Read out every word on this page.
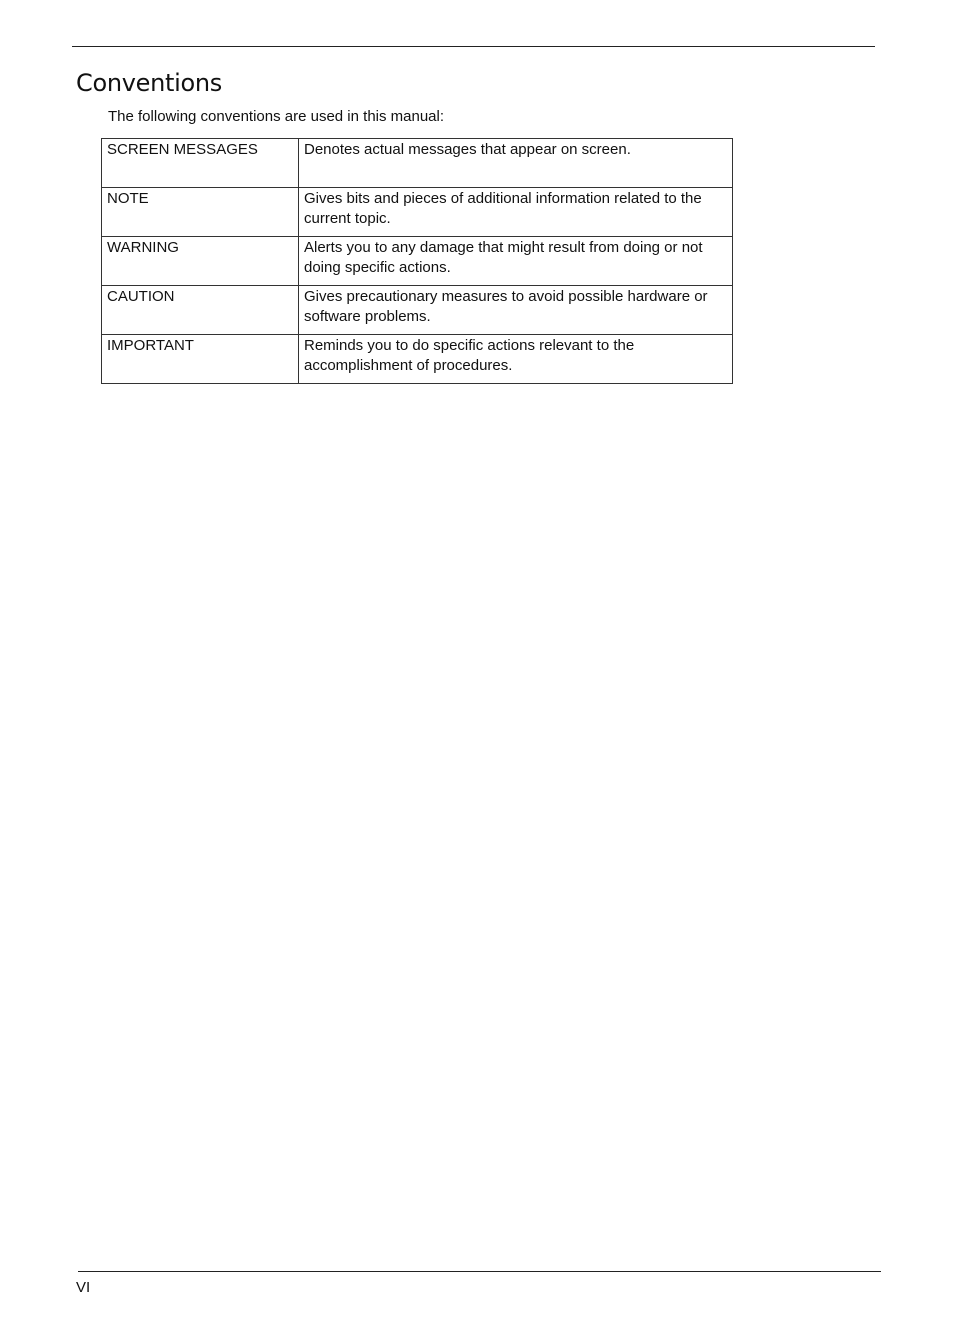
Conventions

The following conventions are used in this manual:

SCREEN MESSAGES	Denotes actual messages that appear on screen.
NOTE	Gives bits and pieces of additional information related to the current topic.
WARNING	Alerts you to any damage that might result from doing or not doing specific actions.
CAUTION	Gives precautionary measures to avoid possible hardware or software problems.
IMPORTANT	Reminds you to do specific actions relevant to the accomplishment of procedures.

VI
